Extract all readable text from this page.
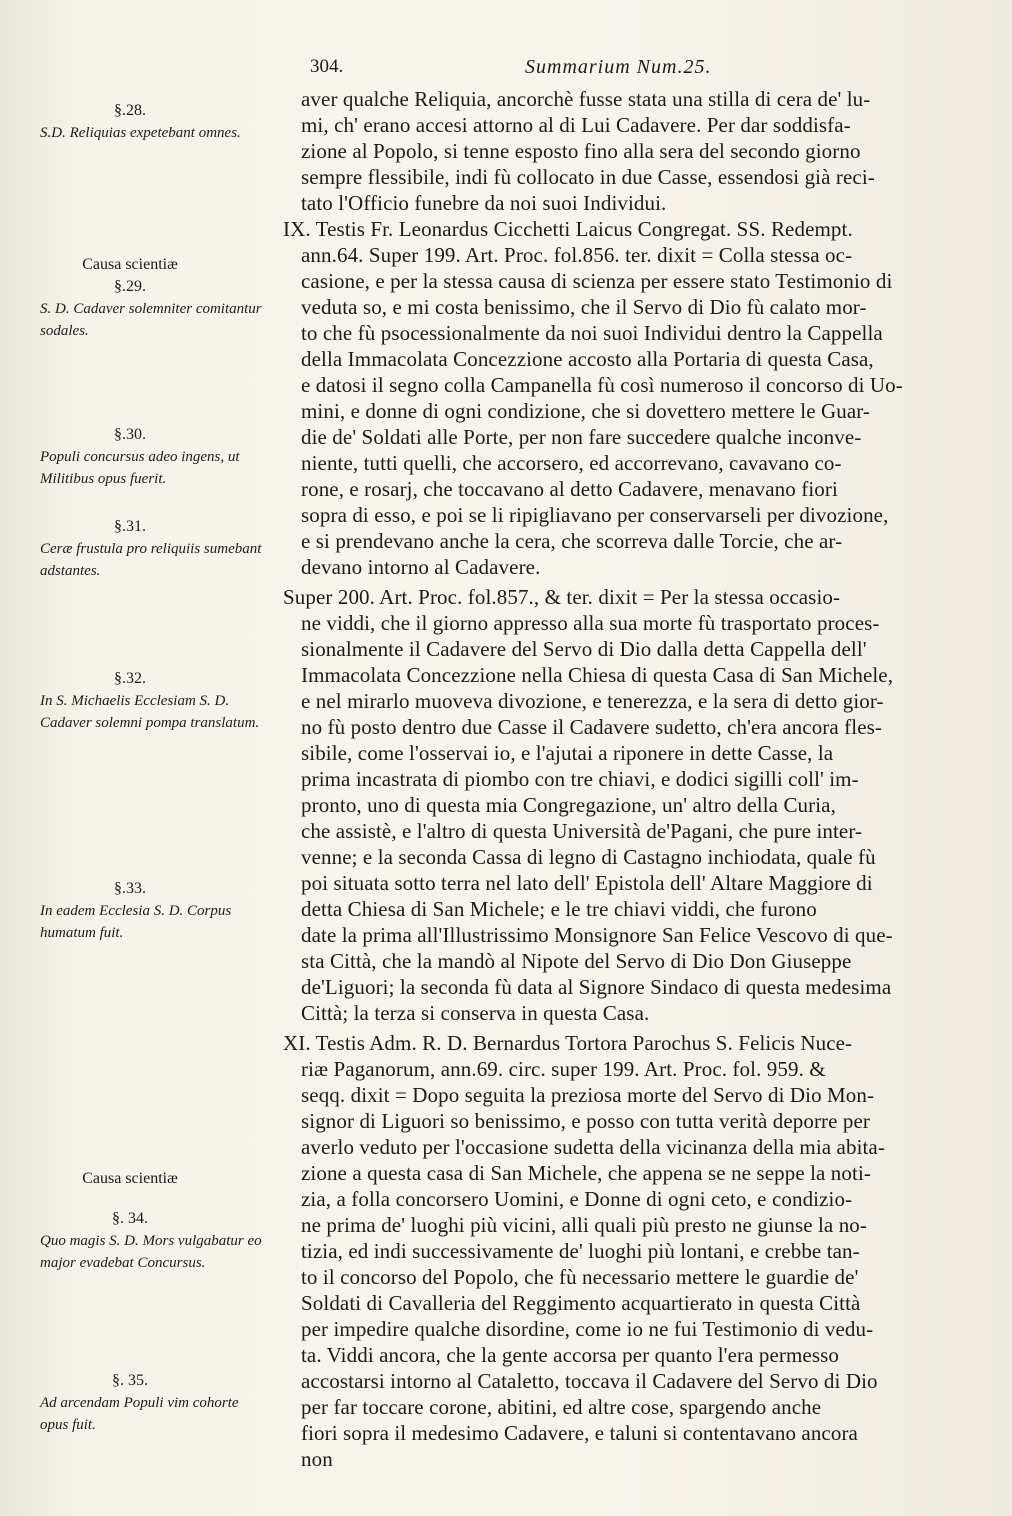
304.	Summarium Num.25.
§.28.
S.D. Reliquias expetebant omnes.
Causa scientiæ
§.29.
S. D. Cadaver solemniter comitantur sodales.
§.30.
Populi concursus adeo ingens, ut Militibus opus fuerit.
§.31.
Ceræ frustula pro reliquiis sumebant adstantes.
§.32.
In S. Michaelis Ecclesiam S. D. Cadaver solemni pompa translatum.
§.33.
In eadem Ecclesia S. D. Corpus humatum fuit.
Causa scientiæ
§. 34.
Quo magis S. D. Mors vulgabatur eo major evadebat Concursus.
§. 35.
Ad arcendam Populi vim cohorte opus fuit.
aver qualche Reliquia, ancorchè fusse stata una stilla di cera de' lu-
mi, ch' erano accesi attorno al di Lui Cadavere. Per dar soddisfa-
zione al Popolo, si tenne esposto fino alla sera del secondo giorno
sempre flessibile, indi fù collocato in due Casse, essendosi già reci-
tato l'Officio funebre da noi suoi Individui.
IX. Testis Fr. Leonardus Cicchetti Laicus Congregat. SS. Redempt.
ann.64. Super 199. Art. Proc. fol.856. ter. dixit = Colla stessa oc-
casione, e per la stessa causa di scienza per essere stato Testimonio di
veduta so, e mi costa benissimo, che il Servo di Dio fù calato mor-
to che fù psocessionalmente da noi suoi Individui dentro la Cappella
della Immacolata Concezzione accosto alla Portaria di questa Casa,
e datosi il segno colla Campanella fù così numeroso il concorso di Uo-
mini, e donne di ogni condizione, che si dovettero mettere le Guar-
die de' Soldati alle Porte, per non fare succedere qualche inconve-
niente, tutti quelli, che accorsero, ed accorrevano, cavavano co-
rone, e rosarj, che toccavano al detto Cadavere, menavano fiori
sopra di esso, e poi se li ripigliavano per conservarseli per divozione,
e si prendevano anche la cera, che scorreva dalle Torcie, che ar-
devano intorno al Cadavere.
Super 200. Art. Proc. fol.857., & ter. dixit = Per la stessa occasio-
ne viddi, che il giorno appresso alla sua morte fù trasportato proces-
sionalmente il Cadavere del Servo di Dio dalla detta Cappella dell'
Immacolata Concezzione nella Chiesa di questa Casa di San Michele,
e nel mirarlo muoveva divozione, e tenerezza, e la sera di detto gior-
no fù posto dentro due Casse il Cadavere sudetto, ch'era ancora fles-
sibile, come l'osservai io, e l'ajutai a riponere in dette Casse, la
prima incastrata di piombo con tre chiavi, e dodici sigilli coll' im-
pronto, uno di questa mia Congregazione, un' altro della Curia,
che assistè, e l'altro di questa Università de'Pagani, che pure inter-
venne; e la seconda Cassa di legno di Castagno inchiodata, quale fù
poi situata sotto terra nel lato dell' Epistola dell' Altare Maggiore di
detta Chiesa di San Michele; e le tre chiavi viddi, che furono
date la prima all'Illustrissimo Monsignore San Felice Vescovo di que-
sta Città, che la mandò al Nipote del Servo di Dio Don Giuseppe
de'Liguori; la seconda fù data al Signore Sindaco di questa medesima
Città; la terza si conserva in questa Casa.
XI. Testis Adm. R. D. Bernardus Tortora Parochus S. Felicis Nuce-
riæ Paganorum, ann.69. circ. super 199. Art. Proc. fol. 959. &
seqq. dixit = Dopo seguita la preziosa morte del Servo di Dio Mon-
signor di Liguori so benissimo, e posso con tutta verità deporre per
averlo veduto per l'occasione sudetta della vicinanza della mia abita-
zione a questa casa di San Michele, che appena se ne seppe la noti-
zia, a folla concorsero Uomini, e Donne di ogni ceto, e condizio-
ne prima de' luoghi più vicini, alli quali più presto ne giunse la no-
tizia, ed indi successivamente de' luoghi più lontani, e crebbe tan-
to il concorso del Popolo, che fù necessario mettere le guardie de'
Soldati di Cavalleria del Reggimento acquartierato in questa Città
per impedire qualche disordine, come io ne fui Testimonio di vedu-
ta. Viddi ancora, che la gente accorsa per quanto l'era permesso
accostarsi intorno al Cataletto, toccava il Cadavere del Servo di Dio
per far toccare corone, abitini, ed altre cose, spargendo anche
fiori sopra il medesimo Cadavere, e taluni si contentavano ancora
non
